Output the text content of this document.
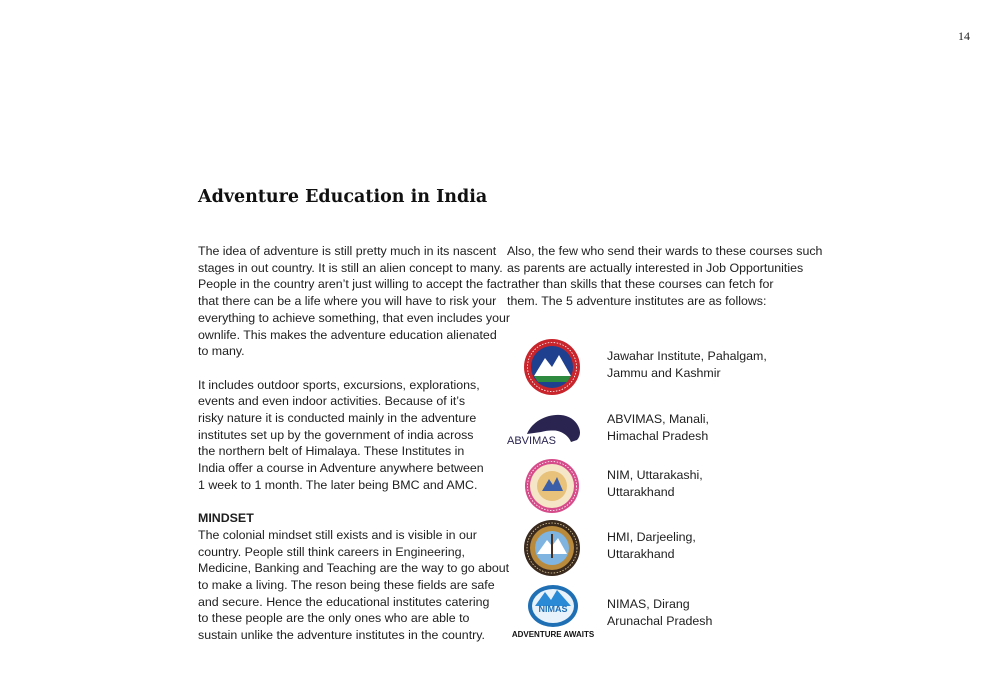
14
Adventure Education in India
The idea of adventure is still pretty much in its nascent
stages in out country. It is still an alien concept to many.
People in the country aren’t just willing to accept the fact
that there can be a life where you will have to risk your
everything to achieve something, that even includes your
ownlife. This makes the adventure education alienated
to many.
It includes outdoor sports, excursions, explorations,
events and even indoor activities. Because of it’s
risky nature it is conducted mainly in the adventure
institutes set up by the government of india across
the northern belt of Himalaya. These Institutes in
India offer a course in Adventure anywhere between
1 week to 1 month. The later being BMC and AMC.
MINDSET
The colonial mindset still exists and is visible in our
country. People still think careers in Engineering,
Medicine, Banking and Teaching are the way to go about
to make a living. The reson being these fields are safe
and secure. Hence the educational institutes catering
to these people are the only ones who are able to
sustain unlike the adventure institutes in the country.
Also, the few who send their wards to these courses such
as parents are actually interested in Job Opportunities
rather than skills that these courses can fetch for
them. The 5 adventure institutes are as follows:
Jawahar Institute, Pahalgam,
Jammu and Kashmir
ABVIMAS
ABVIMAS, Manali,
Himachal Pradesh
NIM, Uttarakashi,
Uttarakhand
HMI, Darjeeling,
Uttarakhand
NIMAS
ADVENTURE AWAITS
NIMAS, Dirang
Arunachal Pradesh
